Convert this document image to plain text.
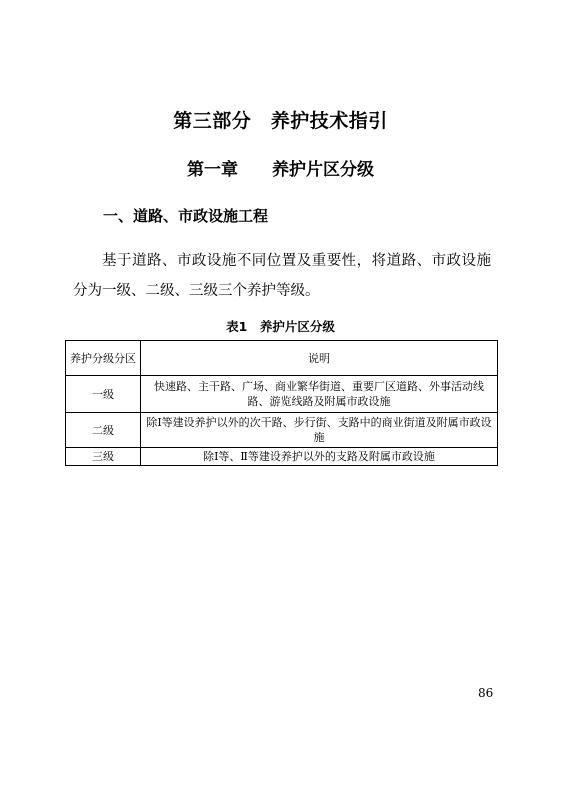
第三部分　养护技术指引
第一章　　养护片区分级
一、道路、市政设施工程
基于道路、市政设施不同位置及重要性，将道路、市政设施分为一级、二级、三级三个养护等级。
表1　养护片区分级
养护分级分区	说明
一级	快速路、主干路、广场、商业繁华街道、重要厂区道路、外事活动线路、游览线路及附属市政设施
二级	除Ⅰ等建设养护以外的次干路、步行街、支路中的商业街道及附属市政设施
三级	除Ⅰ等、Ⅱ等建设养护以外的支路及附属市政设施
86
